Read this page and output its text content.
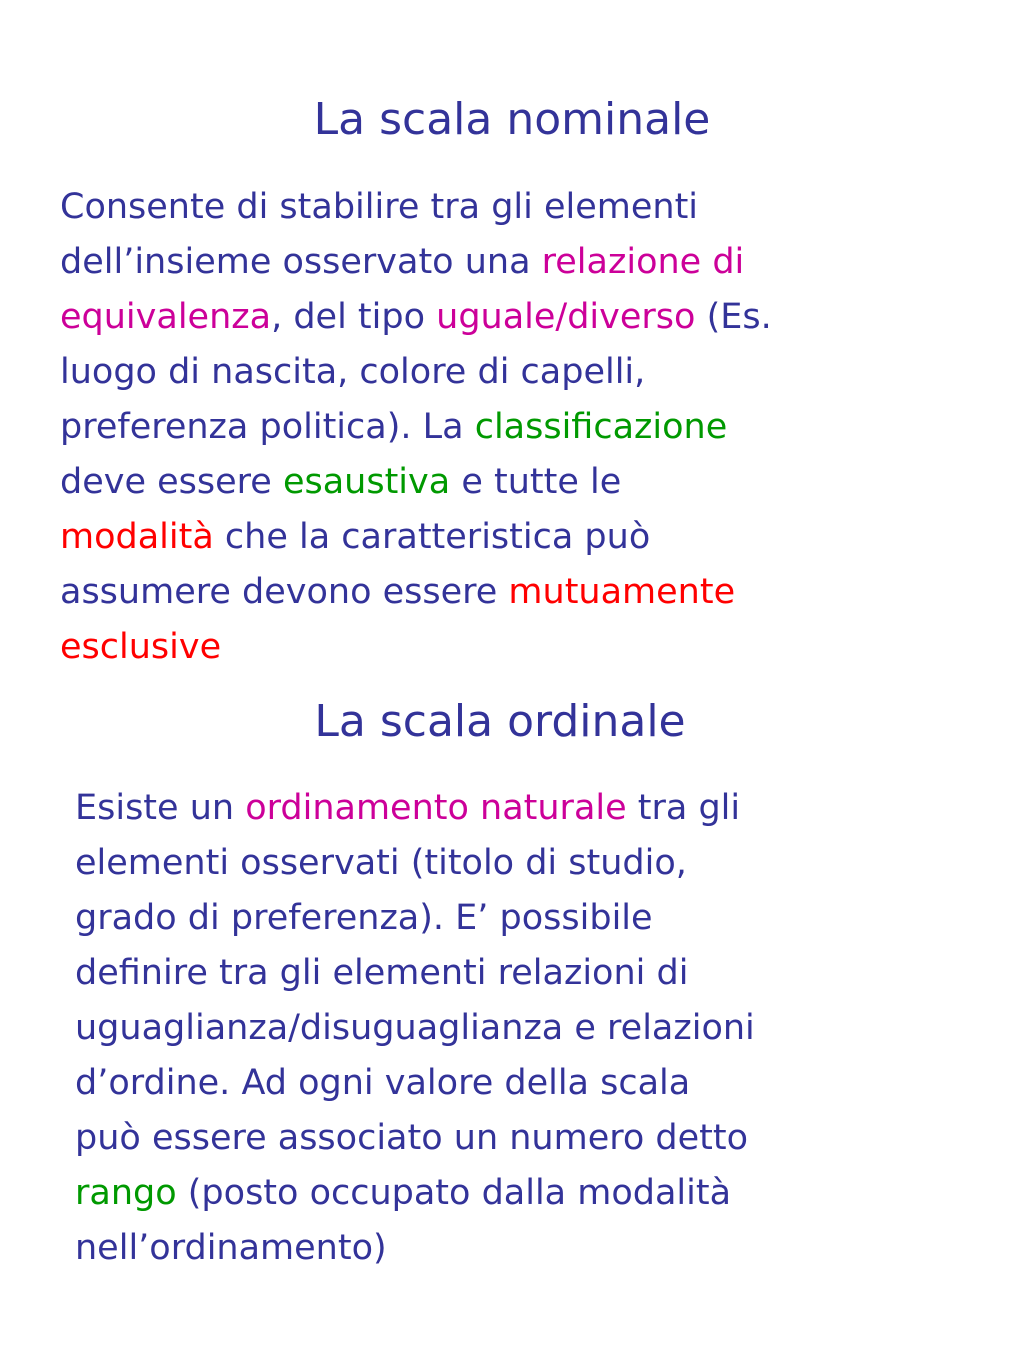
La scala nominale

Consente di stabilire tra gli elementi
dell’insieme osservato una relazione di
equivalenza, del tipo uguale/diverso (Es.
luogo di nascita, colore di capelli,
preferenza politica). La classificazione
deve essere esaustiva e tutte le
modalità che la caratteristica può
assumere devono essere mutuamente
esclusive

La scala ordinale

Esiste un ordinamento naturale tra gli
elementi osservati (titolo di studio,
grado di preferenza). E’ possibile
definire tra gli elementi relazioni di
uguaglianza/disuguaglianza e relazioni
d’ordine. Ad ogni valore della scala
può essere associato un numero detto
rango (posto occupato dalla modalità
nell’ordinamento)
